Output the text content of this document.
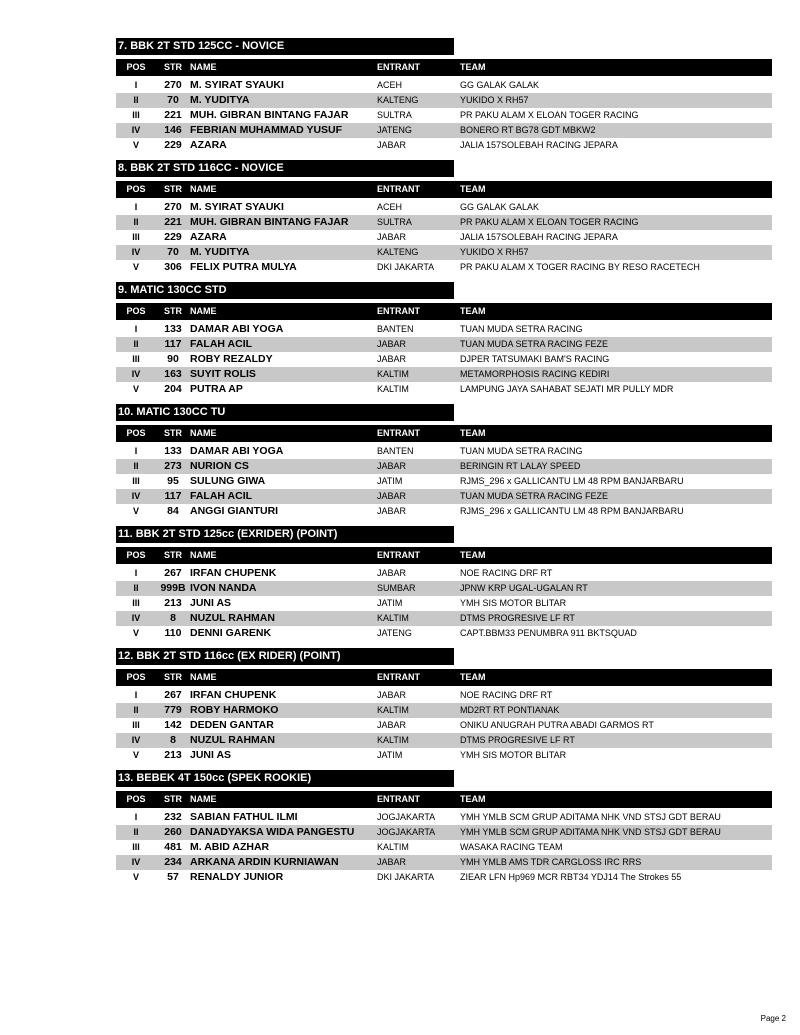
7. BBK 2T STD 125CC - NOVICE
POS	STR NAME	ENTRANT	TEAM
I	270 M. SYIRAT SYAUKI	ACEH	GG GALAK GALAK
II	70	M. YUDITYA	KALTENG	YUKIDO X RH57
III	221 MUH. GIBRAN BINTANG FAJAR	SULTRA	PR PAKU ALAM X ELOAN TOGER RACING
IV	146 FEBRIAN MUHAMMAD YUSUF	JATENG	BONERO RT BG78 GDT MBKW2
V	229 AZARA	JABAR	JALIA 157SOLEBAH RACING JEPARA
8. BBK 2T STD 116CC - NOVICE
POS	STR NAME	ENTRANT	TEAM
I	270 M. SYIRAT SYAUKI	ACEH	GG GALAK GALAK
II	221 MUH. GIBRAN BINTANG FAJAR	SULTRA	PR PAKU ALAM X ELOAN TOGER RACING
III	229 AZARA	JABAR	JALIA 157SOLEBAH RACING JEPARA
IV	70	M. YUDITYA	KALTENG	YUKIDO X RH57
V	306 FELIX PUTRA MULYA	DKI JAKARTA	PR PAKU ALAM X TOGER RACING BY RESO RACETECH
9. MATIC 130CC STD
POS	STR NAME	ENTRANT	TEAM
I	133 DAMAR ABI YOGA	BANTEN	TUAN MUDA SETRA RACING
II	117 FALAH ACIL	JABAR	TUAN MUDA SETRA RACING FEZE
III	90	ROBY REZALDY	JABAR	DJPER TATSUMAKI BAM'S RACING
IV	163 SUYIT ROLIS	KALTIM	METAMORPHOSIS RACING KEDIRI
V	204 PUTRA AP	KALTIM	LAMPUNG JAYA SAHABAT SEJATI MR PULLY MDR
10. MATIC 130CC TU
POS	STR NAME	ENTRANT	TEAM
I	133 DAMAR ABI YOGA	BANTEN	TUAN MUDA SETRA RACING
II	273 NURION CS	JABAR	BERINGIN RT LALAY SPEED
III	95	SULUNG GIWA	JATIM	RJMS_296 x GALLICANTU LM 48 RPM BANJARBARU
IV	117 FALAH ACIL	JABAR	TUAN MUDA SETRA RACING FEZE
V	84	ANGGI GIANTURI	JABAR	RJMS_296 x GALLICANTU LM 48 RPM BANJARBARU
11. BBK 2T STD 125cc (EXRIDER) (POINT)
POS	STR NAME	ENTRANT	TEAM
I	267 IRFAN CHUPENK	JABAR	NOE RACING DRF RT
II	999B IVON NANDA	SUMBAR	JPNW KRP UGAL-UGALAN RT
III	213 JUNI AS	JATIM	YMH SIS MOTOR BLITAR
IV	8	NUZUL RAHMAN	KALTIM	DTMS PROGRESIVE LF RT
V	110 DENNI GARENK	JATENG	CAPT.BBM33 PENUMBRA 911 BKTSQUAD
12. BBK 2T STD 116cc (EX RIDER) (POINT)
POS	STR NAME	ENTRANT	TEAM
I	267 IRFAN CHUPENK	JABAR	NOE RACING DRF RT
II	779 ROBY HARMOKO	KALTIM	MD2RT RT PONTIANAK
III	142 DEDEN GANTAR	JABAR	ONIKU ANUGRAH PUTRA ABADI GARMOS RT
IV	8	NUZUL RAHMAN	KALTIM	DTMS PROGRESIVE LF RT
V	213 JUNI AS	JATIM	YMH SIS MOTOR BLITAR
13. BEBEK 4T 150cc (SPEK ROOKIE)
POS	STR NAME	ENTRANT	TEAM
I	232 SABIAN FATHUL ILMI	JOGJAKARTA	YMH YMLB SCM GRUP ADITAMA NHK VND STSJ GDT BERAU
II	260 DANADYAKSA WIDA PANGESTU	JOGJAKARTA	YMH YMLB SCM GRUP ADITAMA NHK VND STSJ GDT BERAU
III	481 M. ABID AZHAR	KALTIM	WASAKA RACING TEAM
IV	234 ARKANA ARDIN KURNIAWAN	JABAR	YMH YMLB AMS TDR CARGLOSS IRC RRS
V	57	RENALDY JUNIOR	DKI JAKARTA	ZIEAR LFN Hp969 MCR RBT34 YDJ14 The Strokes 55
Page 2
